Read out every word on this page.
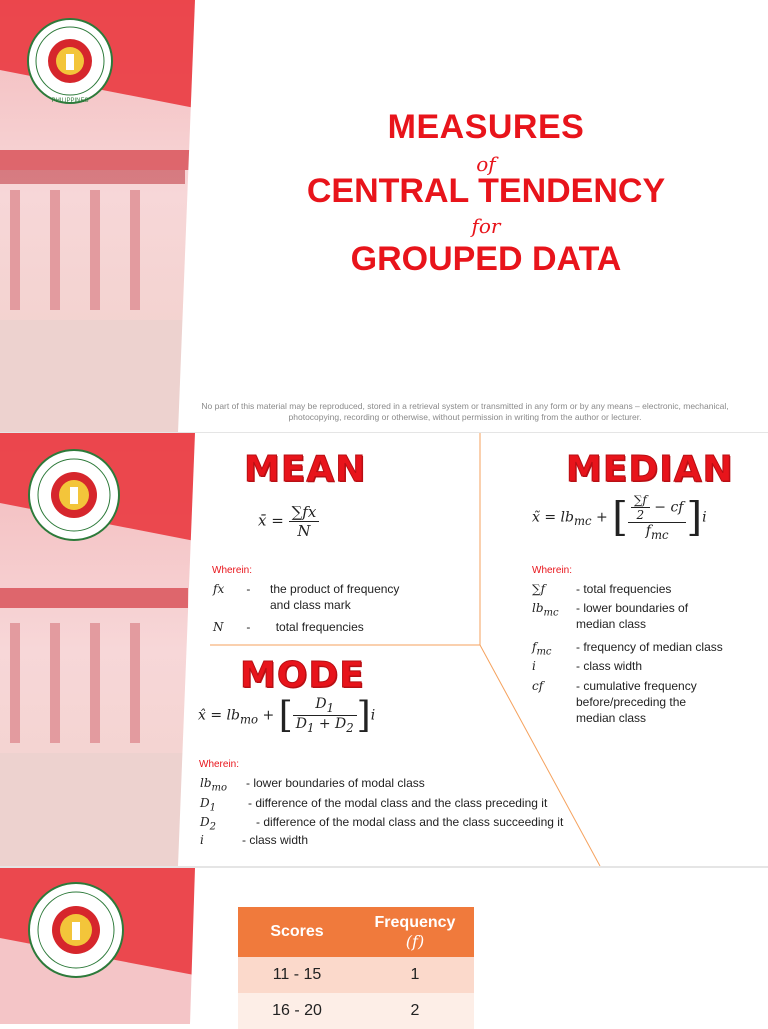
PHILIPPINES
MEASURES
of
CENTRAL TENDENCY
for
GROUPED DATA
No part of this material may be reproduced, stored in a retrieval system or transmitted in any form or by any means – electronic, mechanical, photocopying, recording or otherwise, without permission in writing from the author or lecturer.
MEAN
x̄ = $\frac{\sum fx}{N}$
Wherein:
fx -	the product of frequency and class mark
N - total frequencies
MEDIAN
x̃ = $lb_{mc}$ + [ $\frac{\frac{\sum f}{2} - cf}{f_{mc}} ]i$
Wherein:
∑f	- total frequencies
$lb_{mc}$	- lower boundaries of median class
$f_{mc}$ - frequency of median class
i	- class width
cf	- cumulative frequency before/preceding the median class
MODE
x̂ = $lb_{mo}$ + [ $\frac{D_1}{D_1 + D_2} ]i$
Wherein:
$lb_{mo}$ - lower boundaries of modal class
$D_1$	- difference of the modal class and the class preceding it
$D_2$	- difference of the modal class and the class succeeding it
i	- class width
Scores	Frequency
(f)

11 - 15	1
16 - 20	2
